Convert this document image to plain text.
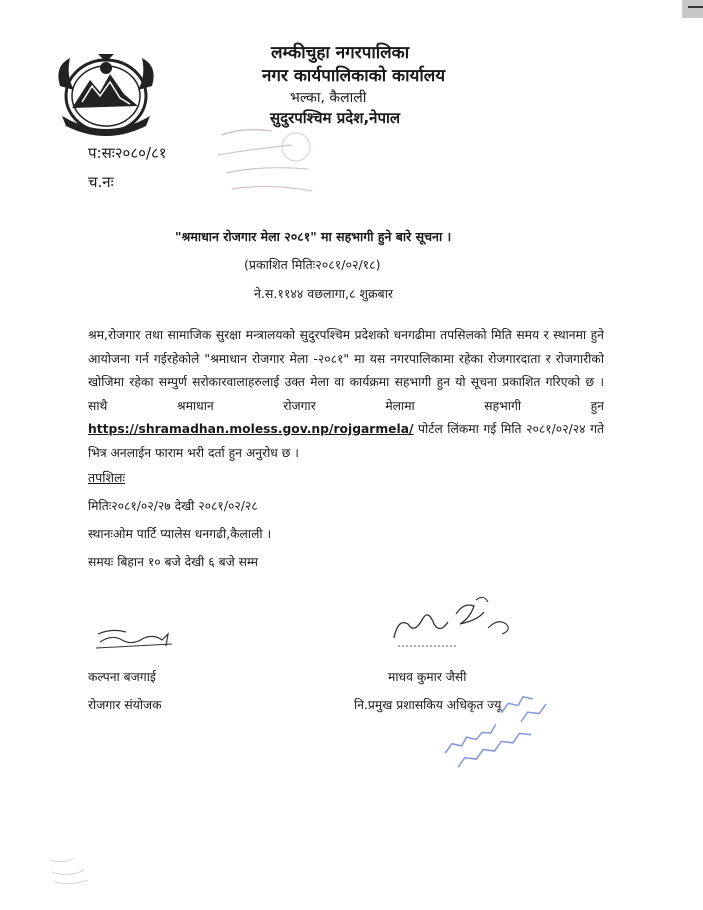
लम्कीचुहा नगरपालिका
नगर कार्यपालिकाको कार्यालय
भल्का, कैलाली
सुदुरपश्चिम प्रदेश,नेपाल
प:सः२०८०/८१
च.नः
"श्रमाधान रोजगार मेला २०८१" मा सहभागी हुने बारे सूचना ।
(प्रकाशित मितिः२०८१/०२/१८)
ने.स.११४४ वछलागा,८ शुक्रबार
श्रम,रोजगार तथा सामाजिक सुरक्षा मन्त्रालयको सुदुरपश्चिम प्रदेशको धनगढीमा तपसिलको मिति समय र स्थानमा हुने आयोजना गर्न गईरहेकोले "श्रमाधान रोजगार मेला -२०८१" मा यस नगरपालिकामा रहेका रोजगारदाता र रोजगारीको खोजिमा रहेका सम्पुर्ण सरोकारवालाहरुलाई उक्त मेला वा कार्यक्रमा सहभागी हुन यो सूचना प्रकाशित गरिएको छ । साथै श्रमाधान रोजगार मेलामा सहभागी हुन https://shramadhan.moless.gov.np/rojgarmela/ पोर्टल लिंकमा गई मिति २०८१/०२/२४ गते भित्र अनलाईन फाराम भरी दर्ता हुन अनुरोध छ ।
तपशिलः
मितिः२०८१/०२/२७ देखी २०८१/०२/२८
स्थानःओम पार्टि प्यालेस धनगढी,कैलाली ।
समयः बिहान १० बजे देखी ६ बजे सम्म
कल्पना बजगाई
रोजगार संयोजक
माधव कुमार जैसी
नि.प्रमुख प्रशासकिय अधिकृत ज्यू
